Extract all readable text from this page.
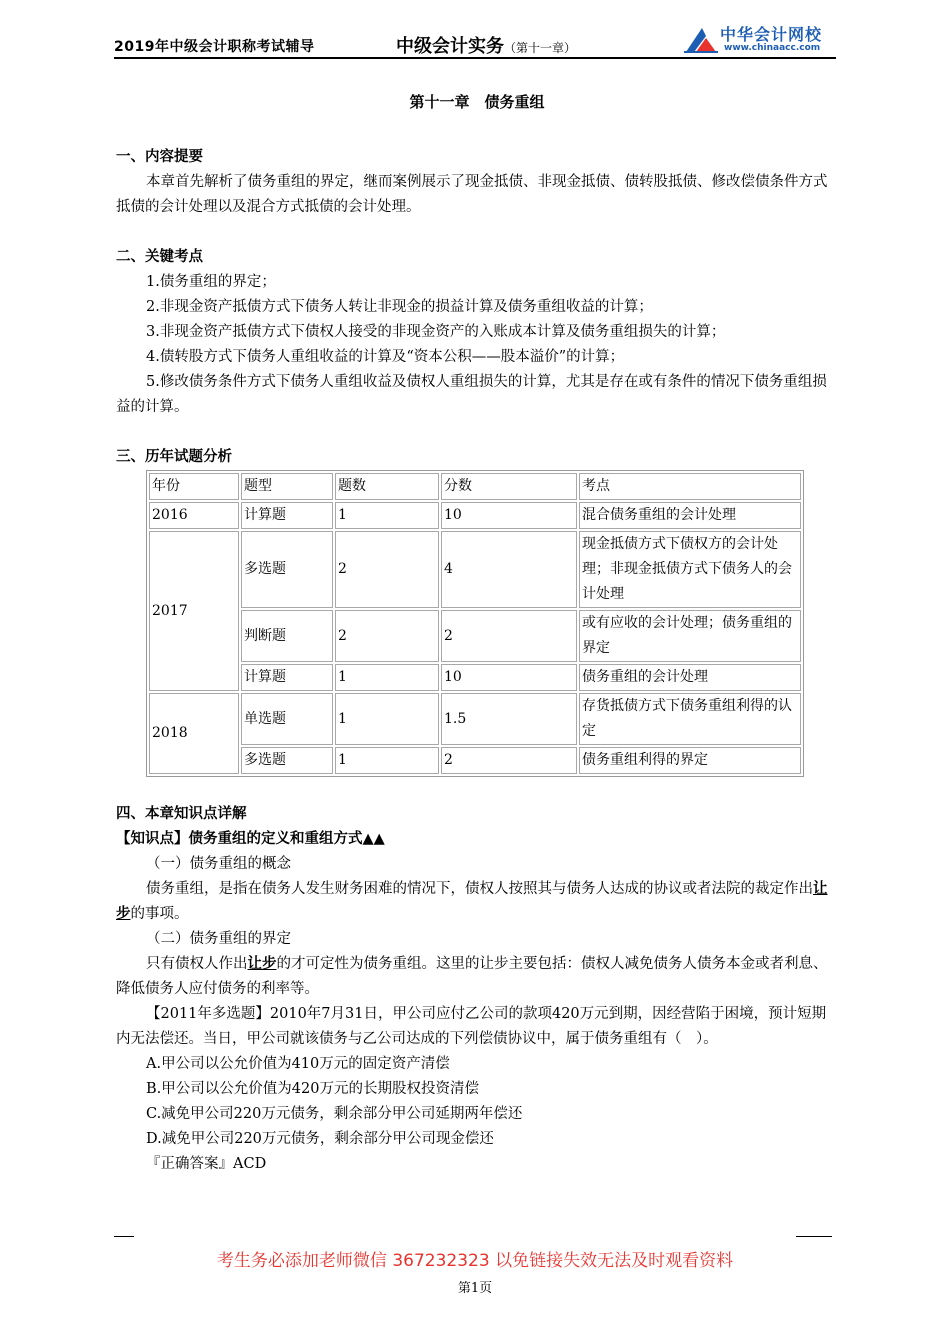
2019年中级会计职称考试辅导	中级会计实务（第十一章）
中华会计网校
www.chinaacc.com

第十一章　债务重组

一、内容提要

本章首先解析了债务重组的界定，继而案例展示了现金抵债、非现金抵债、债转股抵债、修改偿债条件方式抵债的会计处理以及混合方式抵债的会计处理。

二、关键考点

1.债务重组的界定；

2.非现金资产抵债方式下债务人转让非现金的损益计算及债务重组收益的计算；

3.非现金资产抵债方式下债权人接受的非现金资产的入账成本计算及债务重组损失的计算；

4.债转股方式下债务人重组收益的计算及“资本公积——股本溢价”的计算；

5.修改债务条件方式下债务人重组收益及债权人重组损失的计算，尤其是存在或有条件的情况下债务重组损益的计算。

三、历年试题分析

年份	题型	题数	分数	考点
2016	计算题	1	10	混合债务重组的会计处理
2017	多选题	2	4	现金抵债方式下债权方的会计处理；非现金抵债方式下债务人的会计处理
	判断题	2	2	或有应收的会计处理；债务重组的界定
	计算题	1	10	债务重组的会计处理
2018	单选题	1	1.5	存货抵债方式下债务重组利得的认定
	多选题	1	2	债务重组利得的界定

四、本章知识点详解

【知识点】债务重组的定义和重组方式▲▲

（一）债务重组的概念

债务重组，是指在债务人发生财务困难的情况下，债权人按照其与债务人达成的协议或者法院的裁定作出让步的事项。

（二）债务重组的界定

只有债权人作出让步的才可定性为债务重组。这里的让步主要包括：债权人减免债务人债务本金或者利息、降低债务人应付债务的利率等。

【2011年多选题】2010年7月31日，甲公司应付乙公司的款项420万元到期，因经营陷于困境，预计短期内无法偿还。当日，甲公司就该债务与乙公司达成的下列偿债协议中，属于债务重组有（　）。

A.甲公司以公允价值为410万元的固定资产清偿

B.甲公司以公允价值为420万元的长期股权投资清偿

C.减免甲公司220万元债务，剩余部分甲公司延期两年偿还

D.减免甲公司220万元债务，剩余部分甲公司现金偿还

『正确答案』ACD

考生务必添加老师微信 367232323 以免链接失效无法及时观看资料
第1页
